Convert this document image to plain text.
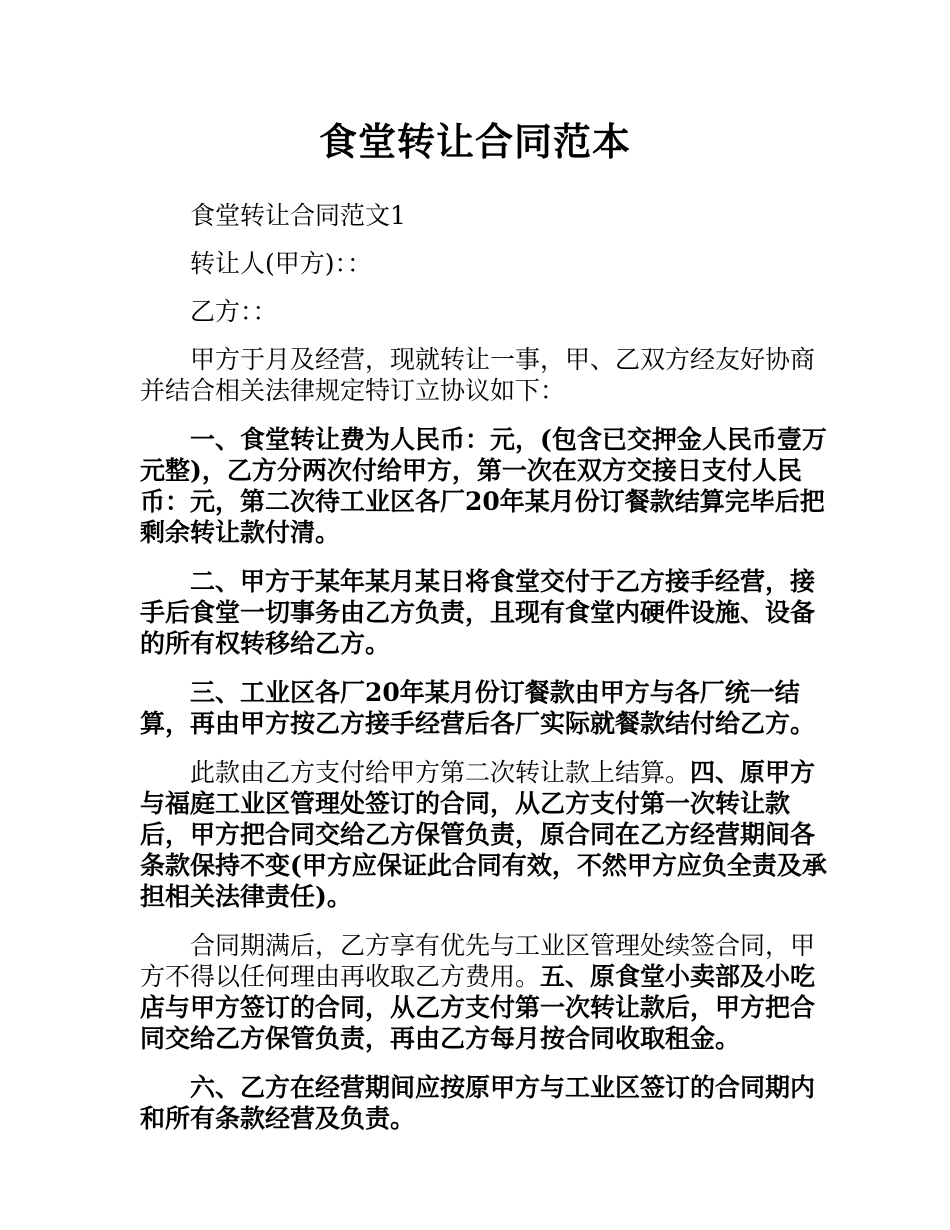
食堂转让合同范本

食堂转让合同范文1

转让人(甲方)：：

乙方：：

甲方于月及经营，现就转让一事，甲、乙双方经友好协商并结合相关法律规定特订立协议如下：

一、食堂转让费为人民币：元，(包含已交押金人民币壹万元整)，乙方分两次付给甲方，第一次在双方交接日支付人民币：元，第二次待工业区各厂20年某月份订餐款结算完毕后把剩余转让款付清。

二、甲方于某年某月某日将食堂交付于乙方接手经营，接手后食堂一切事务由乙方负责，且现有食堂内硬件设施、设备的所有权转移给乙方。

三、工业区各厂20年某月份订餐款由甲方与各厂统一结算，再由甲方按乙方接手经营后各厂实际就餐款结付给乙方。

此款由乙方支付给甲方第二次转让款上结算。四、原甲方与福庭工业区管理处签订的合同，从乙方支付第一次转让款后，甲方把合同交给乙方保管负责，原合同在乙方经营期间各条款保持不变(甲方应保证此合同有效，不然甲方应负全责及承担相关法律责任)。

合同期满后，乙方享有优先与工业区管理处续签合同，甲方不得以任何理由再收取乙方费用。五、原食堂小卖部及小吃店与甲方签订的合同，从乙方支付第一次转让款后，甲方把合同交给乙方保管负责，再由乙方每月按合同收取租金。

六、乙方在经营期间应按原甲方与工业区签订的合同期内和所有条款经营及负责。
